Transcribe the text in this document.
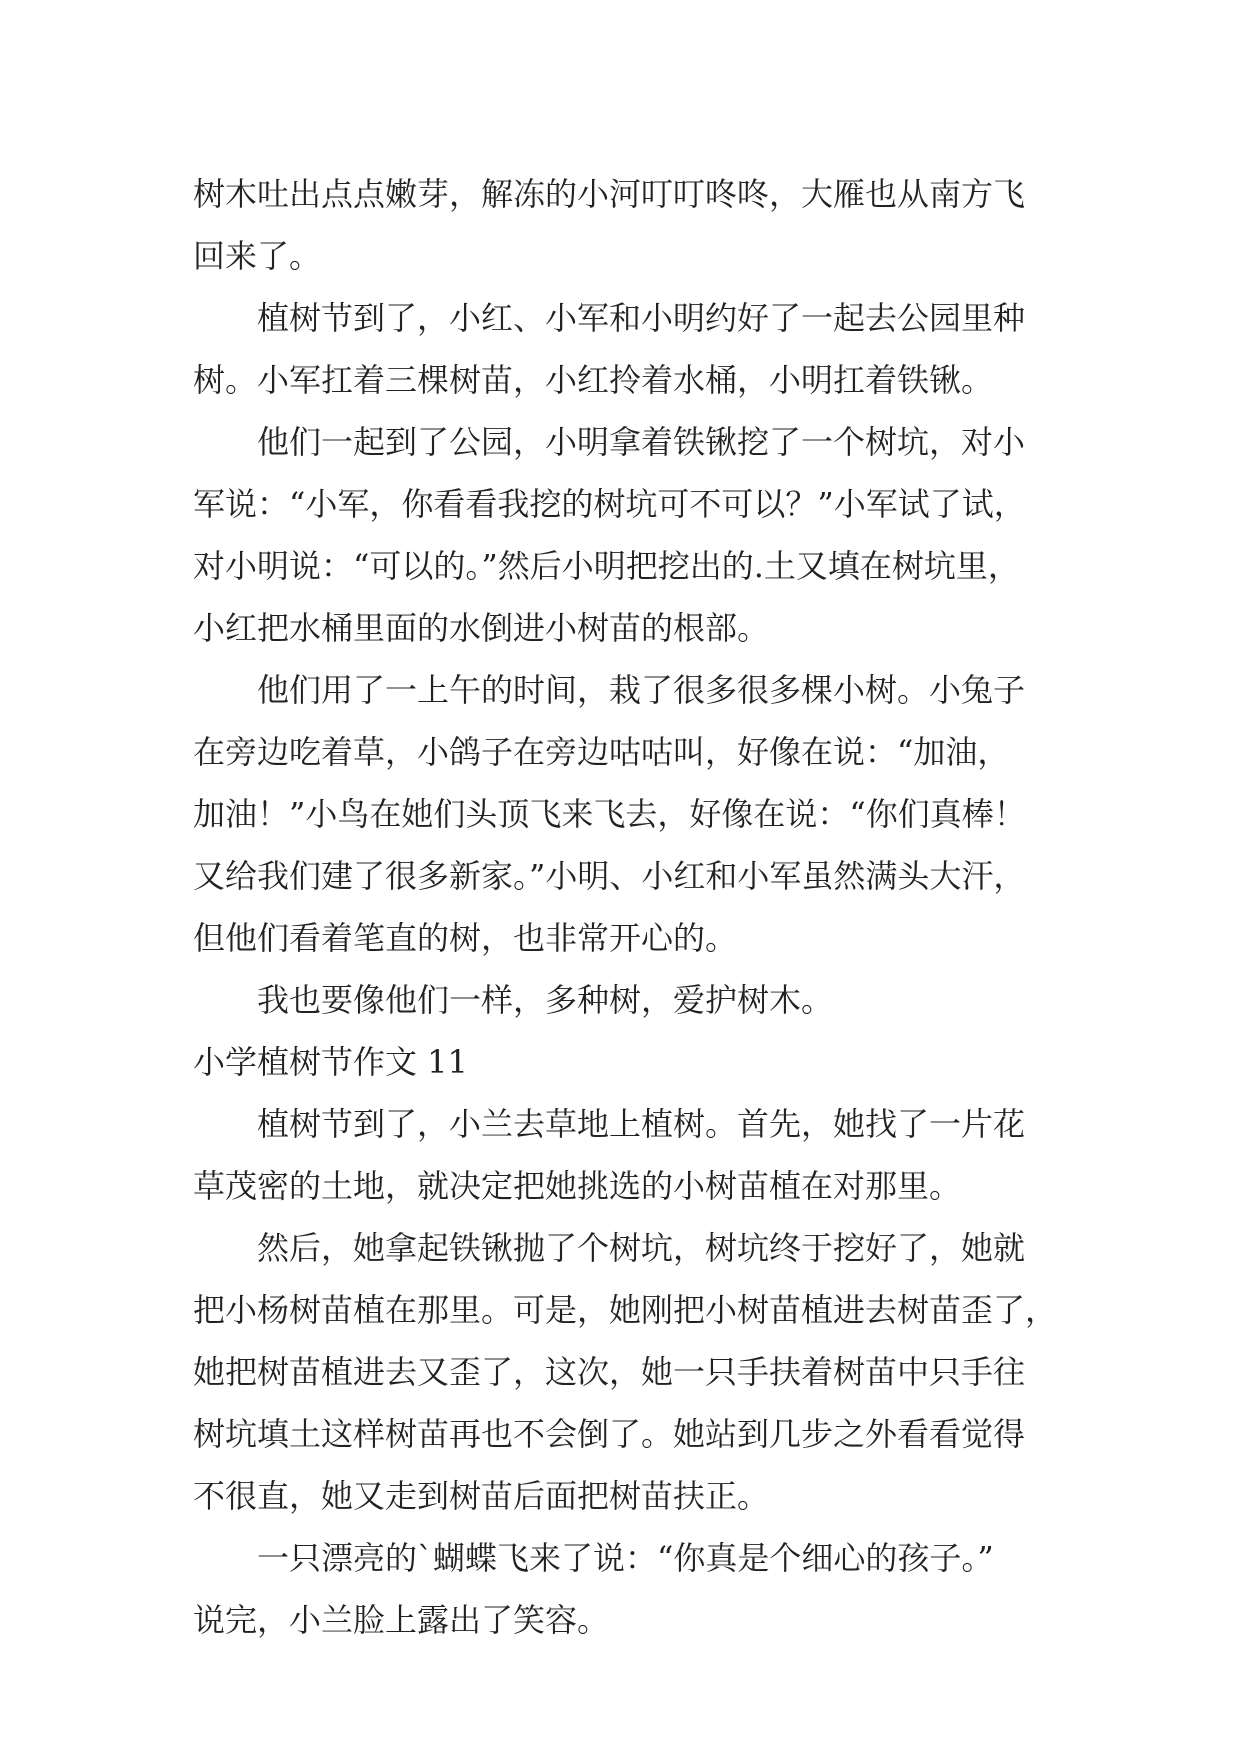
树木吐出点点嫩芽，解冻的小河叮叮咚咚，大雁也从南方飞
回来了。
植树节到了，小红、小军和小明约好了一起去公园里种
树。小军扛着三棵树苗，小红拎着水桶，小明扛着铁锹。
他们一起到了公园，小明拿着铁锹挖了一个树坑，对小
军说：“小军，你看看我挖的树坑可不可以？”小军试了试，
对小明说：“可以的。”然后小明把挖出的.土又填在树坑里，
小红把水桶里面的水倒进小树苗的根部。
他们用了一上午的时间，栽了很多很多棵小树。小兔子
在旁边吃着草，小鸽子在旁边咕咕叫，好像在说：“加油，
加油！”小鸟在她们头顶飞来飞去，好像在说：“你们真棒！
又给我们建了很多新家。”小明、小红和小军虽然满头大汗，
但他们看着笔直的树，也非常开心的。
我也要像他们一样，多种树，爱护树木。
小学植树节作文 11
植树节到了，小兰去草地上植树。首先，她找了一片花
草茂密的土地，就决定把她挑选的小树苗植在对那里。
然后，她拿起铁锹抛了个树坑，树坑终于挖好了，她就
把小杨树苗植在那里。可是，她刚把小树苗植进去树苗歪了，
她把树苗植进去又歪了，这次，她一只手扶着树苗中只手往
树坑填土这样树苗再也不会倒了。她站到几步之外看看觉得
不很直，她又走到树苗后面把树苗扶正。
一只漂亮的`蝴蝶飞来了说：“你真是个细心的孩子。”
说完，小兰脸上露出了笑容。
